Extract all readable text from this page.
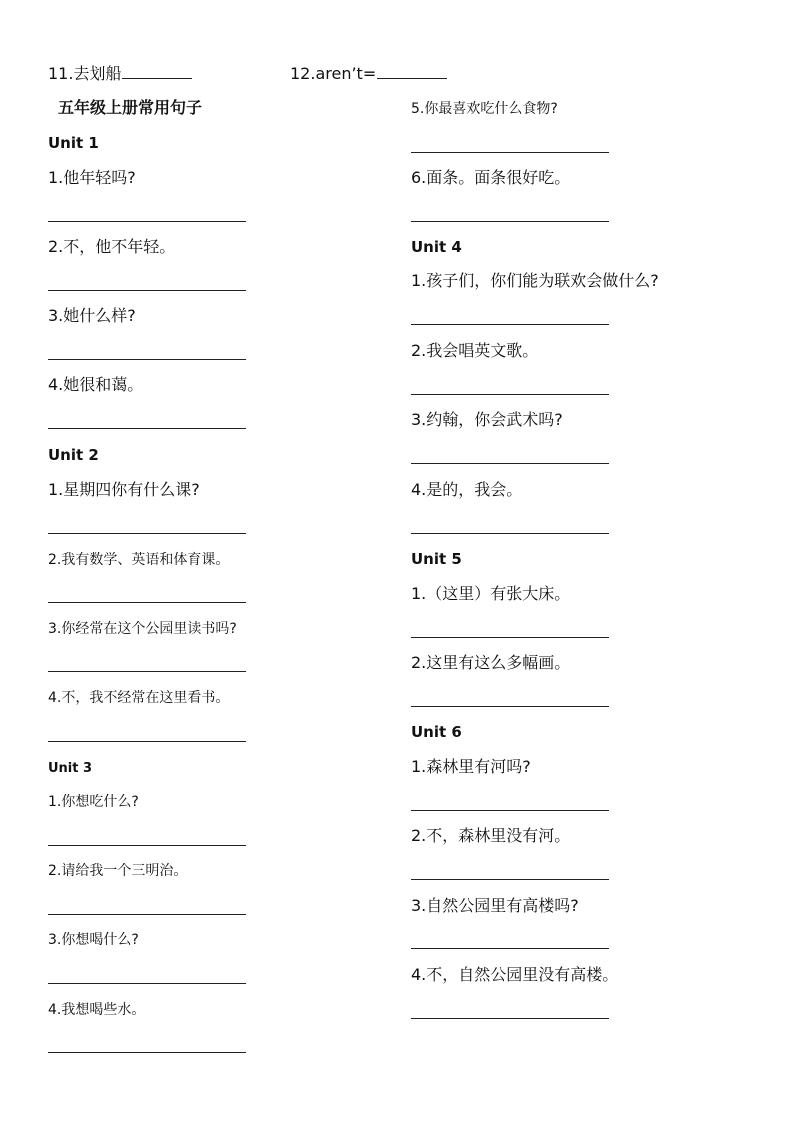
11.去划船	12.aren’t=
五年级上册常用句子
Unit 1
1.他年轻吗?
2.不，他不年轻。
3.她什么样?
4.她很和蔼。
Unit 2
1.星期四你有什么课?
2.我有数学、英语和体育课。
3.你经常在这个公园里读书吗?
4.不，我不经常在这里看书。
Unit 3
1.你想吃什么?
2.请给我一个三明治。
3.你想喝什么?
4.我想喝些水。
5.你最喜欢吃什么食物?
6.面条。面条很好吃。
Unit 4
1.孩子们，你们能为联欢会做什么?
2.我会唱英文歌。
3.约翰，你会武术吗?
4.是的，我会。
Unit 5
1.（这里）有张大床。
2.这里有这么多幅画。
Unit 6
1.森林里有河吗?
2.不，森林里没有河。
3.自然公园里有高楼吗?
4.不，自然公园里没有高楼。
